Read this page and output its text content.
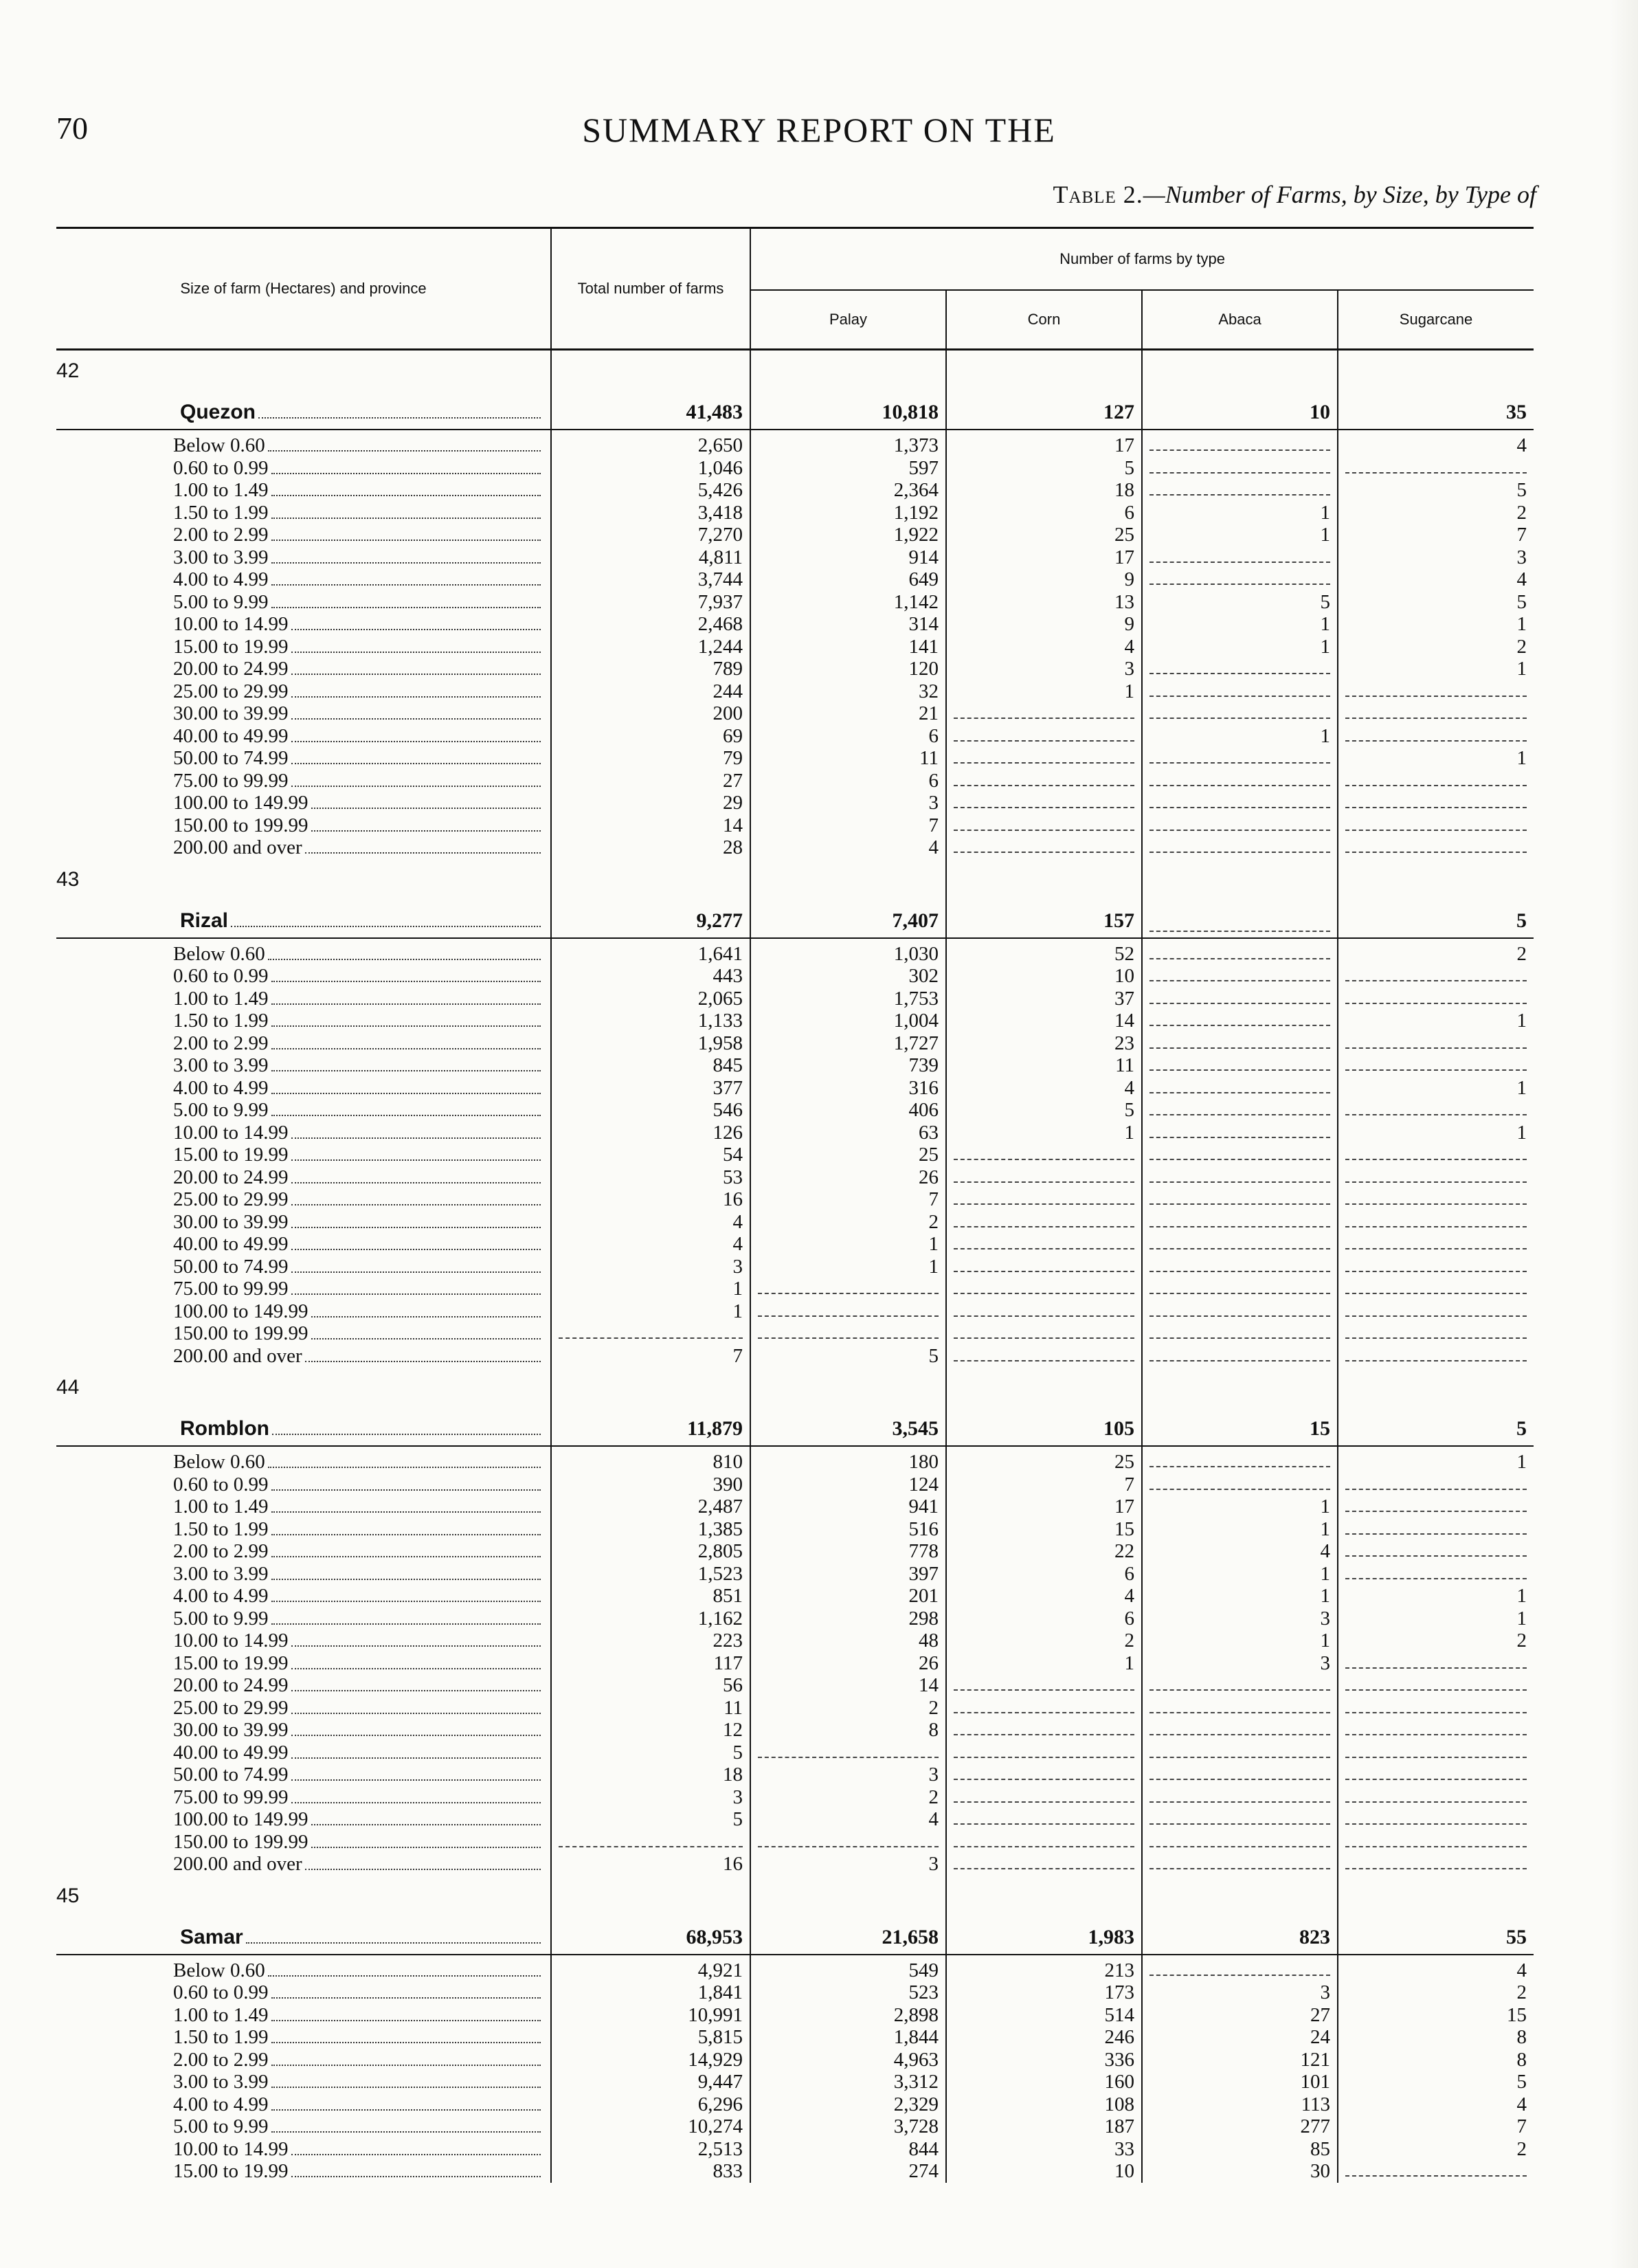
70	SUMMARY REPORT ON THE
Table 2.—Number of Farms, by Size, by Type of
Size of farm (Hectares) and province		Total number of farms	Number of farms by type			
			Palay	Corn	Abaca	Sugarcane
42	Quezon	41,483	10,818	127	10	35

	Below 0.60	2,650	1,373	17		4

	0.60 to 0.99	1,046	597	5		

	1.00 to 1.49	5,426	2,364	18		5

	1.50 to 1.99	3,418	1,192	6	1	2

	2.00 to 2.99	7,270	1,922	25	1	7

	3.00 to 3.99	4,811	914	17		3

	4.00 to 4.99	3,744	649	9		4

	5.00 to 9.99	7,937	1,142	13	5	5

	10.00 to 14.99	2,468	314	9	1	1

	15.00 to 19.99	1,244	141	4	1	2

	20.00 to 24.99	789	120	3		1

	25.00 to 29.99	244	32	1		

	30.00 to 39.99	200	21			

	40.00 to 49.99	69	6		1	

	50.00 to 74.99	79	11			1

	75.00 to 99.99	27	6			

	100.00 to 149.99	29	3			

	150.00 to 199.99	14	7			

	200.00 and over	28	4			
43	Rizal	9,277	7,407	157		5

	Below 0.60	1,641	1,030	52		2

	0.60 to 0.99	443	302	10		

	1.00 to 1.49	2,065	1,753	37		

	1.50 to 1.99	1,133	1,004	14		1

	2.00 to 2.99	1,958	1,727	23		

	3.00 to 3.99	845	739	11		

	4.00 to 4.99	377	316	4		1

	5.00 to 9.99	546	406	5		

	10.00 to 14.99	126	63	1		1

	15.00 to 19.99	54	25			

	20.00 to 24.99	53	26			

	25.00 to 29.99	16	7			

	30.00 to 39.99	4	2			

	40.00 to 49.99	4	1			

	50.00 to 74.99	3	1			

	75.00 to 99.99	1				

	100.00 to 149.99	1				

	150.00 to 199.99					

	200.00 and over	7	5			
44	Romblon	11,879	3,545	105	15	5

	Below 0.60	810	180	25		1

	0.60 to 0.99	390	124	7		

	1.00 to 1.49	2,487	941	17	1	

	1.50 to 1.99	1,385	516	15	1	

	2.00 to 2.99	2,805	778	22	4	

	3.00 to 3.99	1,523	397	6	1	

	4.00 to 4.99	851	201	4	1	1

	5.00 to 9.99	1,162	298	6	3	1

	10.00 to 14.99	223	48	2	1	2

	15.00 to 19.99	117	26	1	3	

	20.00 to 24.99	56	14			

	25.00 to 29.99	11	2			

	30.00 to 39.99	12	8			

	40.00 to 49.99	5				

	50.00 to 74.99	18	3			

	75.00 to 99.99	3	2			

	100.00 to 149.99	5	4			

	150.00 to 199.99					

	200.00 and over	16	3			
45	Samar	68,953	21,658	1,983	823	55

	Below 0.60	4,921	549	213		4

	0.60 to 0.99	1,841	523	173	3	2

	1.00 to 1.49	10,991	2,898	514	27	15

	1.50 to 1.99	5,815	1,844	246	24	8

	2.00 to 2.99	14,929	4,963	336	121	8

	3.00 to 3.99	9,447	3,312	160	101	5

	4.00 to 4.99	6,296	2,329	108	113	4

	5.00 to 9.99	10,274	3,728	187	277	7

	10.00 to 14.99	2,513	844	33	85	2

	15.00 to 19.99	833	274	10	30	
